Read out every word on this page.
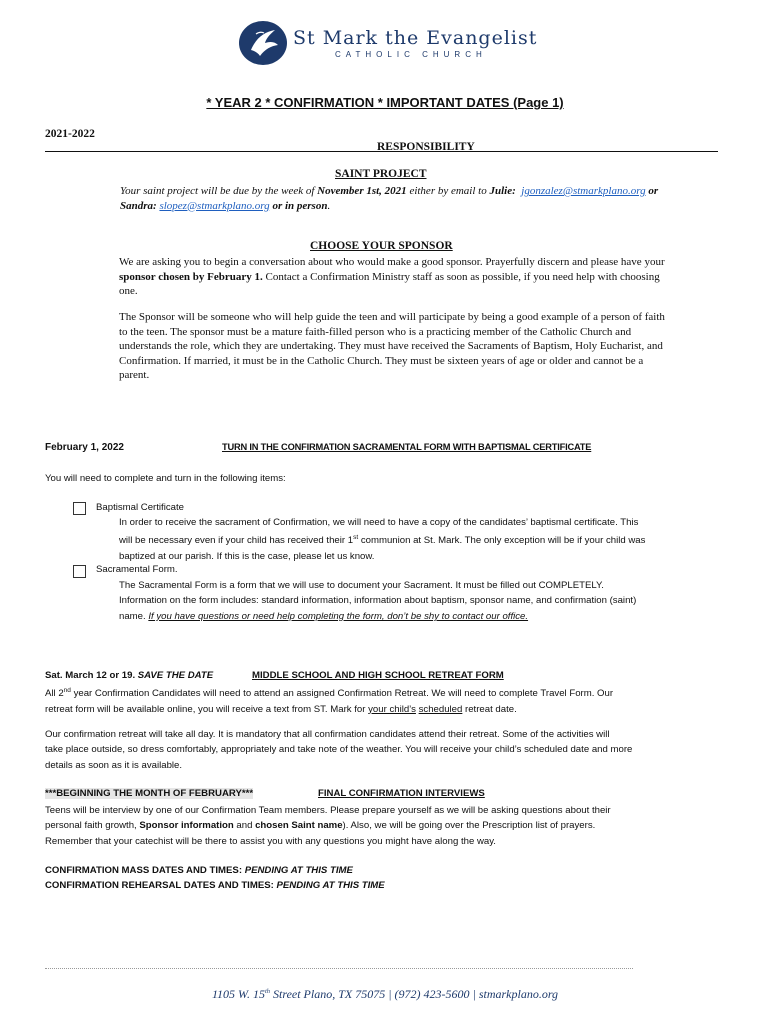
St Mark the Evangelist
CATHOLIC CHURCH
* YEAR 2 * CONFIRMATION * IMPORTANT DATES (Page 1)
2021-2022
RESPONSIBILITY
SAINT PROJECT
Your saint project will be due by the week of November 1st, 2021 either by email to Julie: jgonzalez@stmarkplano.org or
Sandra: slopez@stmarkplano.org or in person.
CHOOSE YOUR SPONSOR
We are asking you to begin a conversation about who would make a good sponsor. Prayerfully discern and please have your
sponsor chosen by February 1. Contact a Confirmation Ministry staff as soon as possible, if you need help with choosing
one.
The Sponsor will be someone who will help guide the teen and will participate by being a good example of a person of faith
to the teen. The sponsor must be a mature faith-filled person who is a practicing member of the Catholic Church and
understands the role, which they are undertaking. They must have received the Sacraments of Baptism, Holy Eucharist, and
Confirmation. If married, it must be in the Catholic Church. They must be sixteen years of age or older and cannot be a
parent.
February 1, 2022	TURN IN THE CONFIRMATION SACRAMENTAL FORM WITH BAPTISMAL CERTIFICATE
You will need to complete and turn in the following items:
Baptismal Certificate
In order to receive the sacrament of Confirmation, we will need to have a copy of the candidates’ baptismal certificate. This
will be necessary even if your child has received their 1st communion at St. Mark. The only exception will be if your child was
baptized at our parish. If this is the case, please let us know.
Sacramental Form.
The Sacramental Form is a form that we will use to document your Sacrament. It must be filled out COMPLETELY.
Information on the form includes: standard information, information about baptism, sponsor name, and confirmation (saint)
name. If you have questions or need help completing the form, don’t be shy to contact our office.
Sat. March 12 or 19. SAVE THE DATE	MIDDLE SCHOOL AND HIGH SCHOOL RETREAT FORM
All 2nd year Confirmation Candidates will need to attend an assigned Confirmation Retreat. We will need to complete Travel Form. Our
retreat form will be available online, you will receive a text from ST. Mark for your child’s scheduled retreat date.
Our confirmation retreat will take all day. It is mandatory that all confirmation candidates attend their retreat. Some of the activities will
take place outside, so dress comfortably, appropriately and take note of the weather. You will receive your child’s scheduled date and more
details as soon as it is available.
***BEGINNING THE MONTH OF FEBRUARY***	FINAL CONFIRMATION INTERVIEWS
Teens will be interview by one of our Confirmation Team members. Please prepare yourself as we will be asking questions about their
personal faith growth, Sponsor information and chosen Saint name). Also, we will be going over the Prescription list of prayers.
Remember that your catechist will be there to assist you with any questions you might have along the way.
CONFIRMATION MASS DATES AND TIMES: PENDING AT THIS TIME
CONFIRMATION REHEARSAL DATES AND TIMES: PENDING AT THIS TIME
1105 W. 15th Street Plano, TX 75075 | (972) 423-5600 | stmarkplano.org
